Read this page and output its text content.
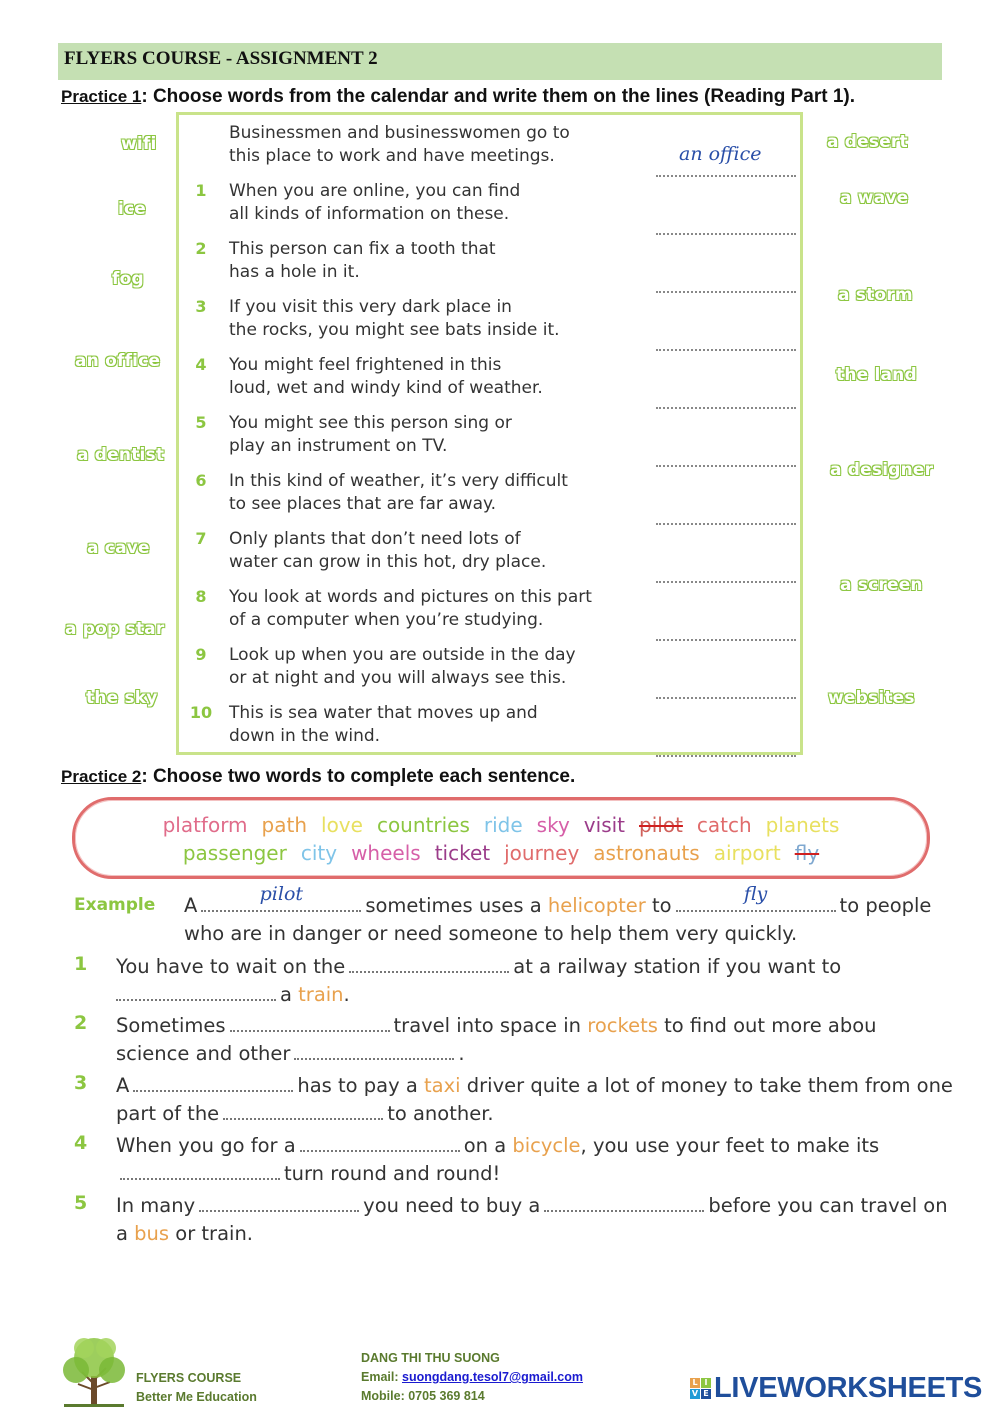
FLYERS COURSE - ASSIGNMENT 2
Practice 1: Choose words from the calendar and write them on the lines (Reading Part 1).
wifi
ice
fog
an office
a dentist
a cave
a pop star
the sky
a desert
a wave
a storm
the land
a designer
a screen
websites
Businessmen and businesswomen go to
this place to work and have meetings.	an office
1	When you are online, you can find
all kinds of information on these.
2	This person can fix a tooth that
has a hole in it.
3	If you visit this very dark place in
the rocks, you might see bats inside it.
4	You might feel frightened in this
loud, wet and windy kind of weather.
5	You might see this person sing or
play an instrument on TV.
6	In this kind of weather, it’s very difficult
to see places that are far away.
7	Only plants that don’t need lots of
water can grow in this hot, dry place.
8	You look at words and pictures on this part
of a computer when you’re studying.
9	Look up when you are outside in the day
or at night and you will always see this.
10 This is sea water that moves up and
down in the wind.
Practice 2: Choose two words to complete each sentence.
platform path love countries ride sky visit pilot catch planets
passenger city wheels ticket journey astronauts airport fly
Example A	pilot	sometimes uses a helicopter to	fly	to people who are in danger or need someone to help them very quickly.
1 You have to wait on the	at a railway station if you want to
a train.
2 Sometimes	travel into space in rockets to find out more abou
science and other	.
3 A	has to pay a taxi driver quite a lot of money to take them from one part of the	to another.
4 When you go for a	on a bicycle, you use your feet to make itsturn round and round!
5 In many	you need to buy a	before you can travel on a bus or train.
FLYERS COURSE
Better Me Education
DANG THI THU SUONG
Email: suongdang.tesol7@gmail.com
Mobile: 0705 369 814
L I
V E LIVEWORKSHEETS
